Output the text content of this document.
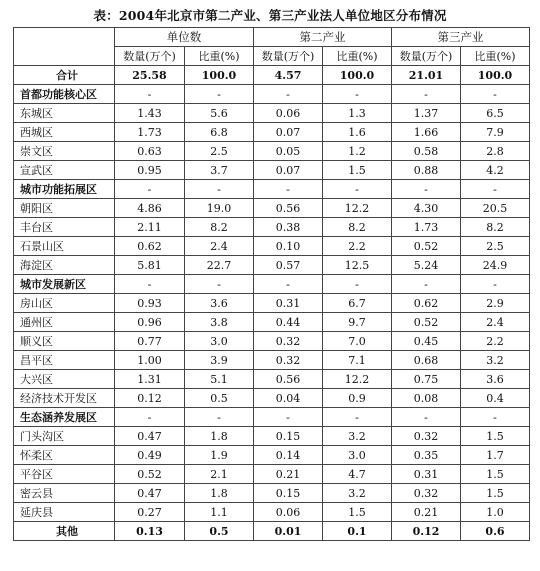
表：2004年北京市第二产业、第三产业法人单位地区分布情况
	单位数		第二产业		第三产业	
	数量(万个)	比重(%)	数量(万个)	比重(%)	数量(万个)	比重(%)
合计	25.58	100.0	4.57	100.0	21.01	100.0
首都功能核心区	-	-	-	-	-	-
东城区	1.43	5.6	0.06	1.3	1.37	6.5
西城区	1.73	6.8	0.07	1.6	1.66	7.9
崇文区	0.63	2.5	0.05	1.2	0.58	2.8
宣武区	0.95	3.7	0.07	1.5	0.88	4.2
城市功能拓展区	-	-	-	-	-	-
朝阳区	4.86	19.0	0.56	12.2	4.30	20.5
丰台区	2.11	8.2	0.38	8.2	1.73	8.2
石景山区	0.62	2.4	0.10	2.2	0.52	2.5
海淀区	5.81	22.7	0.57	12.5	5.24	24.9
城市发展新区	-	-	-	-	-	-
房山区	0.93	3.6	0.31	6.7	0.62	2.9
通州区	0.96	3.8	0.44	9.7	0.52	2.4
顺义区	0.77	3.0	0.32	7.0	0.45	2.2
昌平区	1.00	3.9	0.32	7.1	0.68	3.2
大兴区	1.31	5.1	0.56	12.2	0.75	3.6
经济技术开发区	0.12	0.5	0.04	0.9	0.08	0.4
生态涵养发展区	-	-	-	-	-	-
门头沟区	0.47	1.8	0.15	3.2	0.32	1.5
怀柔区	0.49	1.9	0.14	3.0	0.35	1.7
平谷区	0.52	2.1	0.21	4.7	0.31	1.5
密云县	0.47	1.8	0.15	3.2	0.32	1.5
延庆县	0.27	1.1	0.06	1.5	0.21	1.0
其他	0.13	0.5	0.01	0.1	0.12	0.6
